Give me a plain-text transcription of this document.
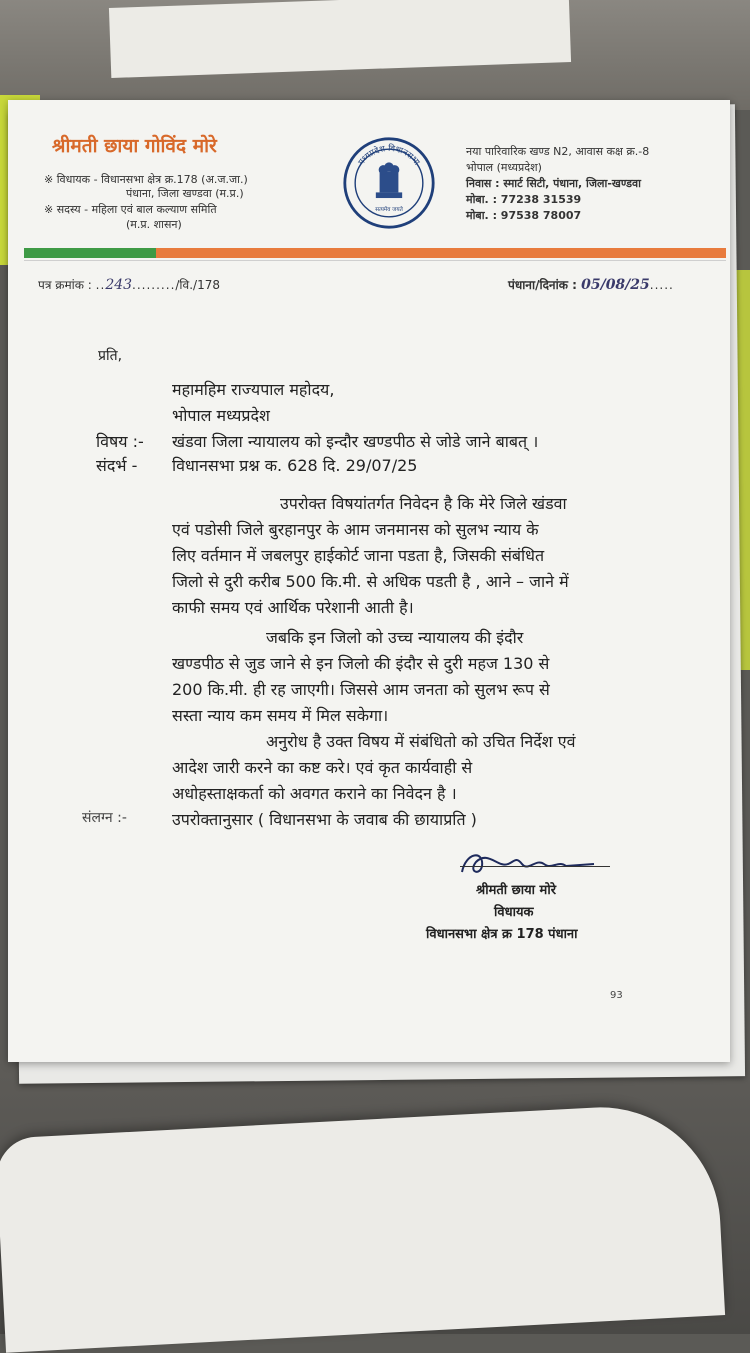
श्रीमती छाया गोविंद मोरे
※ विधायक - विधानसभा क्षेत्र क्र.178 (अ.ज.जा.)
पंधाना, जिला खण्डवा (म.प्र.)
※ सदस्य - महिला एवं बाल कल्याण समिति
(म.प्र. शासन)
मध्यप्रदेश विधानसभा
सत्यमेव जयते
नया पारिवारिक खण्ड N2, आवास कक्ष क्र.-8
भोपाल (मध्यप्रदेश)
निवास : स्मार्ट सिटी, पंधाना, जिला-खण्डवा
मोबा. : 77238 31539
मोबा. : 97538 78007
पत्र क्रमांक : ..243........./वि./178	पंधाना/दिनांक : 05/08/25.....
प्रति,
महामहिम राज्यपाल महोदय,
भोपाल मध्यप्रदेश
विषय :- खंडवा जिला न्यायालय को इन्दौर खण्डपीठ से जोडे जाने बाबत् ।
संदर्भ - विधानसभा प्रश्न क. 628 दि. 29/07/25
उपरोक्त विषयांतर्गत निवेदन है कि मेरे जिले खंडवा
एवं पडोसी जिले बुरहानपुर के आम जनमानस को सुलभ न्याय के
लिए वर्तमान में जबलपुर हाईकोर्ट जाना पडता है, जिसकी संबंधित
जिलो से दुरी करीब 500 कि.मी. से अधिक पडती है , आने – जाने में
काफी समय एवं आर्थिक परेशानी आती है।
जबकि इन जिलो को उच्च न्यायालय की इंदौर
खण्डपीठ से जुड जाने से इन जिलो की इंदौर से दुरी महज 130 से
200 कि.मी. ही रह जाएगी। जिससे आम जनता को सुलभ रूप से
सस्ता न्याय कम समय में मिल सकेगा।
अनुरोध है उक्त विषय में संबंधितो को उचित निर्देश एवं
आदेश जारी करने का कष्ट करे। एवं कृत कार्यवाही से
अधोहस्ताक्षकर्ता को अवगत कराने का निवेदन है ।
संलग्न :-	उपरोक्तानुसार ( विधानसभा के जवाब की छायाप्रति )
श्रीमती छाया मोरे
विधायक
विधानसभा क्षेत्र क्र 178 पंधाना
93
